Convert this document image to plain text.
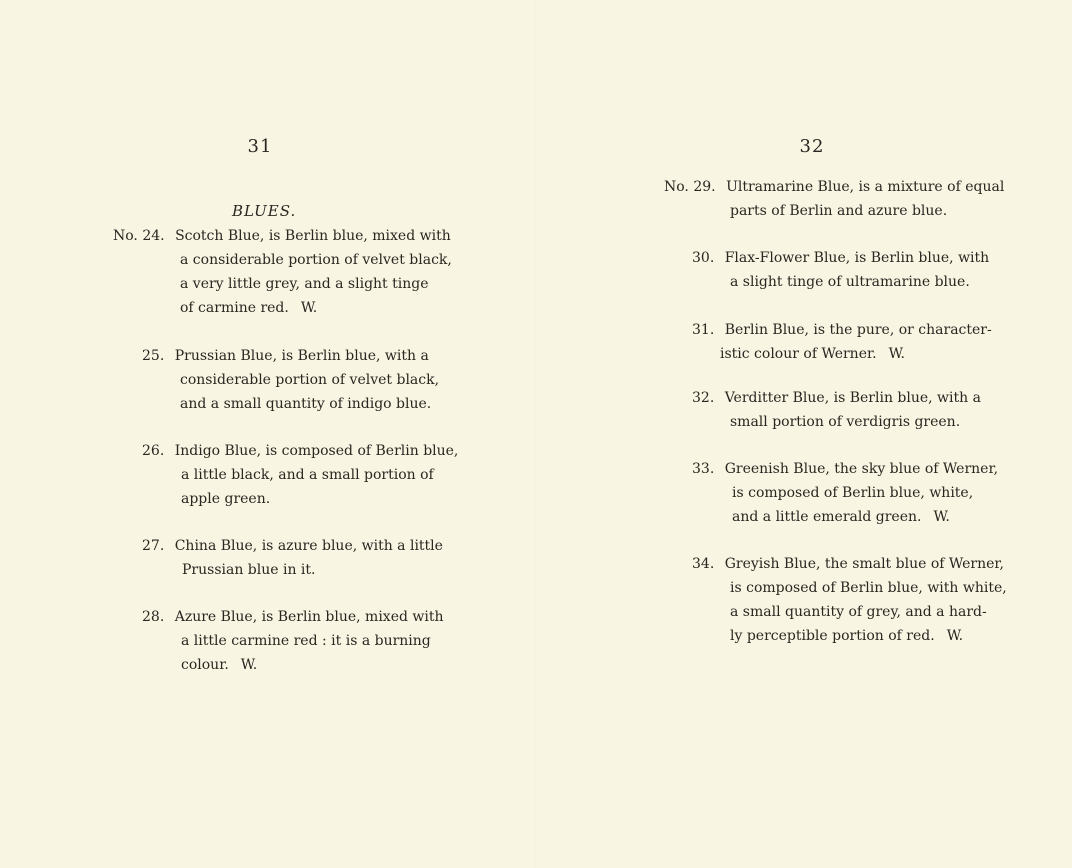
31
BLUES.
No. 24. Scotch Blue, is Berlin blue, mixed with
a considerable portion of velvet black,
a very little grey, and a slight tinge
of carmine red. W.
25. Prussian Blue, is Berlin blue, with a
considerable portion of velvet black,
and a small quantity of indigo blue.
26. Indigo Blue, is composed of Berlin blue,
a little black, and a small portion of
apple green.
27. China Blue, is azure blue, with a little
Prussian blue in it.
28. Azure Blue, is Berlin blue, mixed with
a little carmine red : it is a burning
colour. W.
32
No. 29. Ultramarine Blue, is a mixture of equal
parts of Berlin and azure blue.
30. Flax-Flower Blue, is Berlin blue, with
a slight tinge of ultramarine blue.
31. Berlin Blue, is the pure, or character-
istic colour of Werner. W.
32. Verditter Blue, is Berlin blue, with a
small portion of verdigris green.
33. Greenish Blue, the sky blue of Werner,
is composed of Berlin blue, white,
and a little emerald green. W.
34. Greyish Blue, the smalt blue of Werner,
is composed of Berlin blue, with white,
a small quantity of grey, and a hard-
ly perceptible portion of red. W.
